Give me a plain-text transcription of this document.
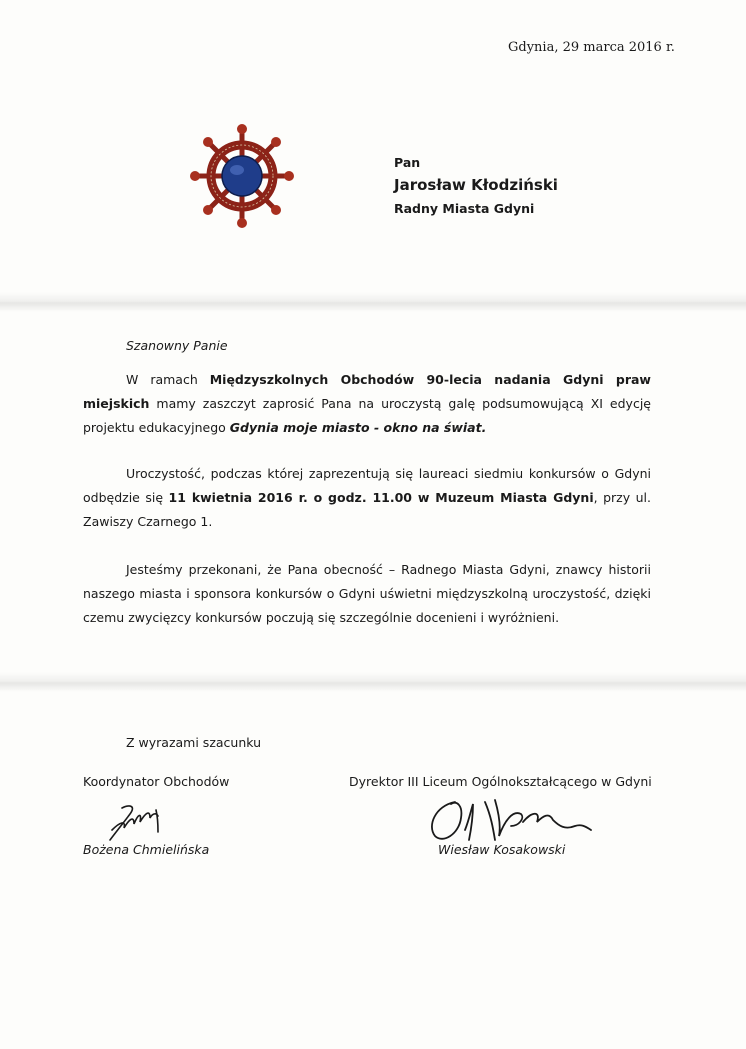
Gdynia, 29 marca 2016 r.
Pan
Jarosław Kłodziński
Radny Miasta Gdyni
Szanowny Panie
W ramach Międzyszkolnych Obchodów 90-lecia nadania Gdyni praw miejskich mamy zaszczyt zaprosić Pana na uroczystą galę podsumowującą XI edycję projektu edukacyjnego Gdynia moje miasto - okno na świat.
Uroczystość, podczas której zaprezentują się laureaci siedmiu konkursów o Gdyni odbędzie się 11 kwietnia 2016 r. o godz. 11.00 w Muzeum Miasta Gdyni, przy ul. Zawiszy Czarnego 1.
Jesteśmy przekonani, że Pana obecność – Radnego Miasta Gdyni, znawcy historii naszego miasta i sponsora konkursów o Gdyni uświetni międzyszkolną uroczystość, dzięki czemu zwycięzcy konkursów poczują się szczególnie docenieni i wyróżnieni.
Z wyrazami szacunku
Koordynator Obchodów
Bożena Chmielińska
Dyrektor III Liceum Ogólnokształcącego w Gdyni
Wiesław Kosakowski
